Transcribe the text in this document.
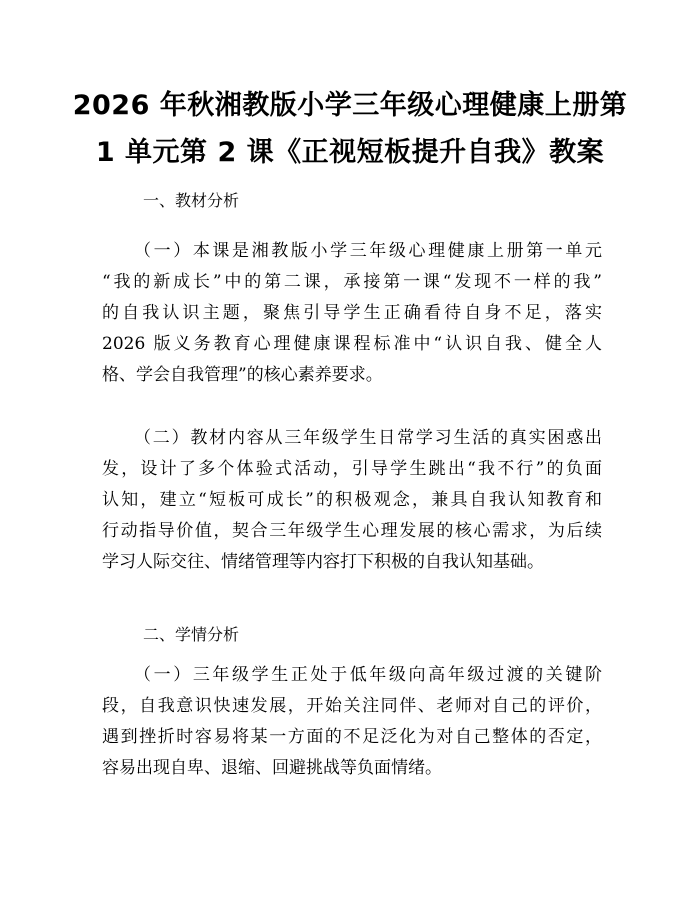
2026 年秋湘教版小学三年级心理健康上册第
1 单元第 2 课《正视短板提升自我》教案
一、教材分析
（一）本课是湘教版小学三年级心理健康上册第一单元
“我的新成长”中的第二课，承接第一课“发现不一样的我”
的自我认识主题，聚焦引导学生正确看待自身不足，落实
2026 版义务教育心理健康课程标准中“认识自我、健全人
格、学会自我管理”的核心素养要求。
（二）教材内容从三年级学生日常学习生活的真实困惑出
发，设计了多个体验式活动，引导学生跳出“我不行”的负面
认知，建立“短板可成长”的积极观念，兼具自我认知教育和
行动指导价值，契合三年级学生心理发展的核心需求，为后续
学习人际交往、情绪管理等内容打下积极的自我认知基础。
二、学情分析
（一）三年级学生正处于低年级向高年级过渡的关键阶
段，自我意识快速发展，开始关注同伴、老师对自己的评价，
遇到挫折时容易将某一方面的不足泛化为对自己整体的否定，
容易出现自卑、退缩、回避挑战等负面情绪。
